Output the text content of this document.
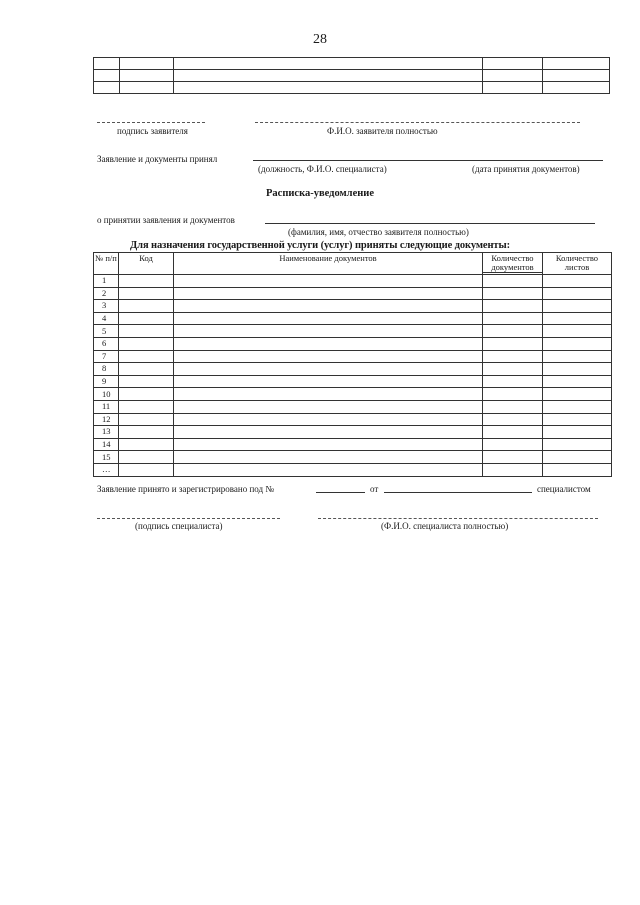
28

подпись заявителя	Ф.И.О. заявителя полностью
Заявление и документы принял
(должность, Ф.И.О. специалиста)	(дата принятия документов)
Расписка-уведомление
о принятии заявления и документов
(фамилия, имя, отчество заявителя полностью)
Для назначения государственной услуги (услуг) приняты следующие документы:
№ п/п	Код	Наименование документов	Количество документов	Количество листов
1				
2				
3				
4				
5				
6				
7				
8				
9				
10				
11				
12				
13				
14				
15				
…				
Заявление принято и зарегистрировано под №	от	специалистом
(подпись специалиста)	(Ф.И.О. специалиста полностью)
